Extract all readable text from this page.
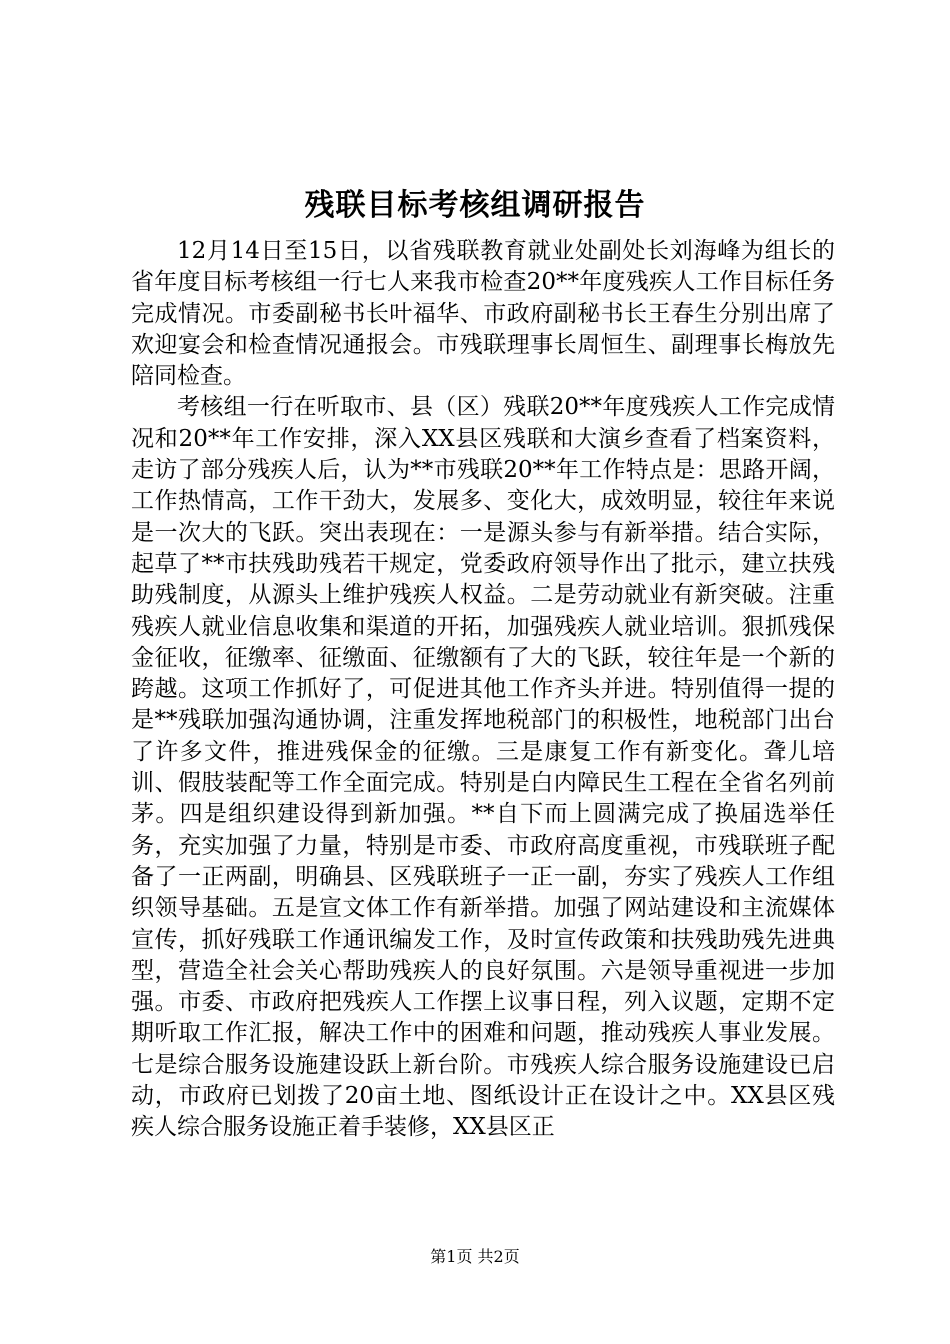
残联目标考核组调研报告

12月14日至15日，以省残联教育就业处副处长刘海峰为组长的省年度目标考核组一行七人来我市检查20**年度残疾人工作目标任务完成情况。市委副秘书长叶福华、市政府副秘书长王春生分别出席了欢迎宴会和检查情况通报会。市残联理事长周恒生、副理事长梅放先陪同检查。

考核组一行在听取市、县（区）残联20**年度残疾人工作完成情况和20**年工作安排，深入XX县区残联和大演乡查看了档案资料，走访了部分残疾人后，认为**市残联20**年工作特点是：思路开阔，工作热情高，工作干劲大，发展多、变化大，成效明显，较往年来说是一次大的飞跃。突出表现在：一是源头参与有新举措。结合实际，起草了**市扶残助残若干规定，党委政府领导作出了批示，建立扶残助残制度，从源头上维护残疾人权益。二是劳动就业有新突破。注重残疾人就业信息收集和渠道的开拓，加强残疾人就业培训。狠抓残保金征收，征缴率、征缴面、征缴额有了大的飞跃，较往年是一个新的跨越。这项工作抓好了，可促进其他工作齐头并进。特别值得一提的是**残联加强沟通协调，注重发挥地税部门的积极性，地税部门出台了许多文件，推进残保金的征缴。三是康复工作有新变化。聋儿培训、假肢装配等工作全面完成。特别是白内障民生工程在全省名列前茅。四是组织建设得到新加强。**自下而上圆满完成了换届选举任务，充实加强了力量，特别是市委、市政府高度重视，市残联班子配备了一正两副，明确县、区残联班子一正一副，夯实了残疾人工作组织领导基础。五是宣文体工作有新举措。加强了网站建设和主流媒体宣传，抓好残联工作通讯编发工作，及时宣传政策和扶残助残先进典型，营造全社会关心帮助残疾人的良好氛围。六是领导重视进一步加强。市委、市政府把残疾人工作摆上议事日程，列入议题，定期不定期听取工作汇报，解决工作中的困难和问题，推动残疾人事业发展。七是综合服务设施建设跃上新台阶。市残疾人综合服务设施建设已启动，市政府已划拨了20亩土地、图纸设计正在设计之中。XX县区残疾人综合服务设施正着手装修，XX县区正

第1页 共2页
